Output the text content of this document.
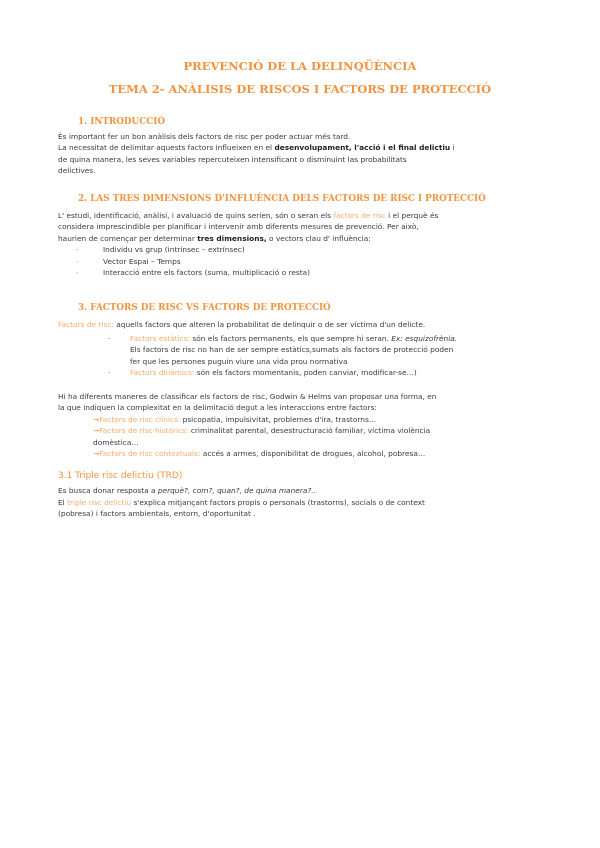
PREVENCIÓ DE LA DELINQÜÈNCIA
TEMA 2- ANÀLISIS DE RISCOS I FACTORS DE PROTECCIÓ
1. INTRODUCCIÓ
És important fer un bon anàlisis dels factors de risc per poder actuar més tard.
La necessitat de delimitar aquests factors influeixen en el desenvolupament, l'acció i el final delictiu i
de quina manera, les seves variables repercuteixen intensificant o disminuint las probabilitats
delictives.
2. LAS TRES DIMENSIONS D'INFLUÈNCIA DELS FACTORS DE RISC I PROTECCIÓ
L' estudi, identificació, anàlisi, i avaluació de quins serien, són o seran els factors de risc i el perquè és
considera imprescindible per planificar i intervenir amb diferents mesures de prevenció. Per això,
haurien de començar per determinar tres dimensions, o vectors clau d' influència:
-	Individu vs grup (intrínsec – extrínsec)
-	Vector Espai – Temps
-	Interacció entre els factors (suma, multiplicació o resta)
3. FACTORS DE RISC VS FACTORS DE PROTECCIÓ
Factors de risc: aquells factors que alteren la probabilitat de delinquir o de ser víctima d'un delicte.
·	Factors estàtics: són els factors permanents, els que sempre hi seran. Ex: esquizofrènia.
Els factors de risc no han de ser sempre estàtics,sumats als factors de protecció poden
fer que les persones puguin viure una vida prou normativa
·	Factors dinàmics: són els factors momentanis, poden canviar, modificar-se…)
Hi ha diferents maneres de classificar els factors de risc, Godwin & Helms van proposar una forma, en
la que indiquen la complexitat en la delimitació degut a les interaccions entre factors:
→Factors de risc clínics: psicopatia, impulsivitat, problemes d'ira, trastorns…
→Factors de risc històrics: criminalitat parental, desestructuració familiar, víctima violència
domèstica…
→Factors de risc contextuals: accés a armes, disponibilitat de drogues, alcohol, pobresa…
3.1 Triple risc delictiu (TRD)
Es busca donar resposta a perquè?, com?, quan?, de quina manera?..
El triple risc delictiu s'explica mitjançant factors propis o personals (trastorns), socials o de context
(pobresa) i factors ambientals, entorn, d'oportunitat .
